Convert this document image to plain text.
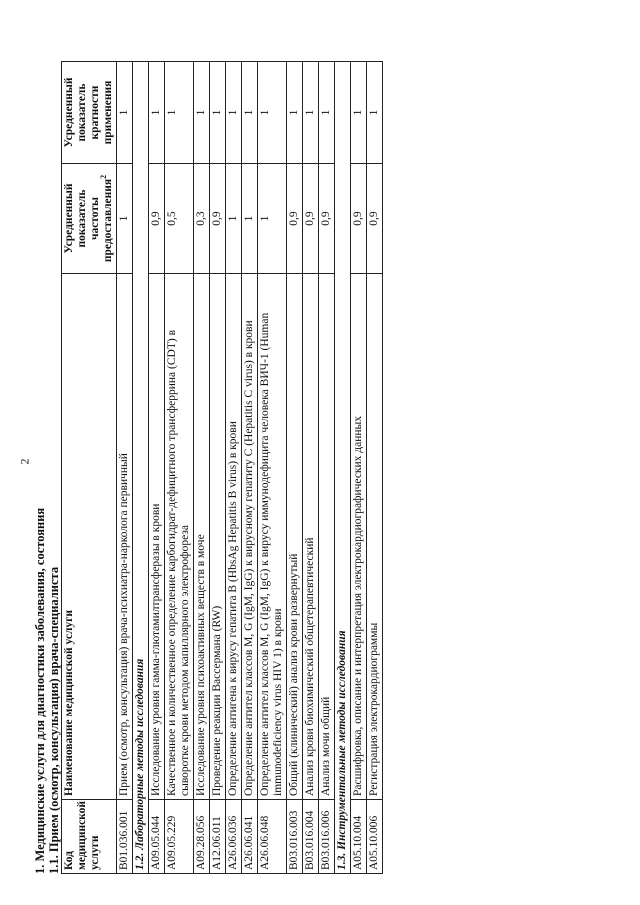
2
1. Медицинские услуги для диагностики заболевания, состояния 1.1. Прием (осмотр, консультация) врача-специалиста Код медицинской услуги	Наименование медицинской услуги	Усредненный показатель частоты предоставления$^2$	Усредненный показатель кратности применения
B01.036.001	Прием (осмотр, консультация) врача-психиатра-нарколога первичный	1	1
1.2. Лабораторные методы исследования			
A09.05.044	Исследование уровня гамма-глютамилтрансферазы в крови	0,9	1
A09.05.229	Качественное и количественное определение карбогидрат-дефицитного трансферрина (CDT) в сыворотке крови методом капиллярного электрофореза	0,5	1
A09.28.056	Исследование уровня психоактивных веществ в моче	0,3	1
A12.06.011	Проведение реакции Вассермана (RW)	0,9	1
A26.06.036	Определение антигена к вирусу гепатита B (HbsAg Hepatitis B virus) в крови	1	1
A26.06.041	Определение антител классов M, G (IgM, IgG) к вирусному гепатиту C (Hepatitis C virus) в крови	1	1
A26.06.048	Определение антител классов M, G (IgM, IgG) к вирусу иммунодефицита человека ВИЧ-1 (Human immunodeficiency virus HIV 1) в крови	1	1
B03.016.003	Общий (клинический) анализ крови развернутый	0,9	1
B03.016.004	Анализ крови биохимический общетерапевтический	0,9	1
B03.016.006	Анализ мочи общий	0,9	1
1.3. Инструментальные методы исследования			
A05.10.004	Расшифровка, описание и интерпретация электрокардиографических данных	0,9	1
A05.10.006	Регистрация электрокардиограммы	0,9	1
